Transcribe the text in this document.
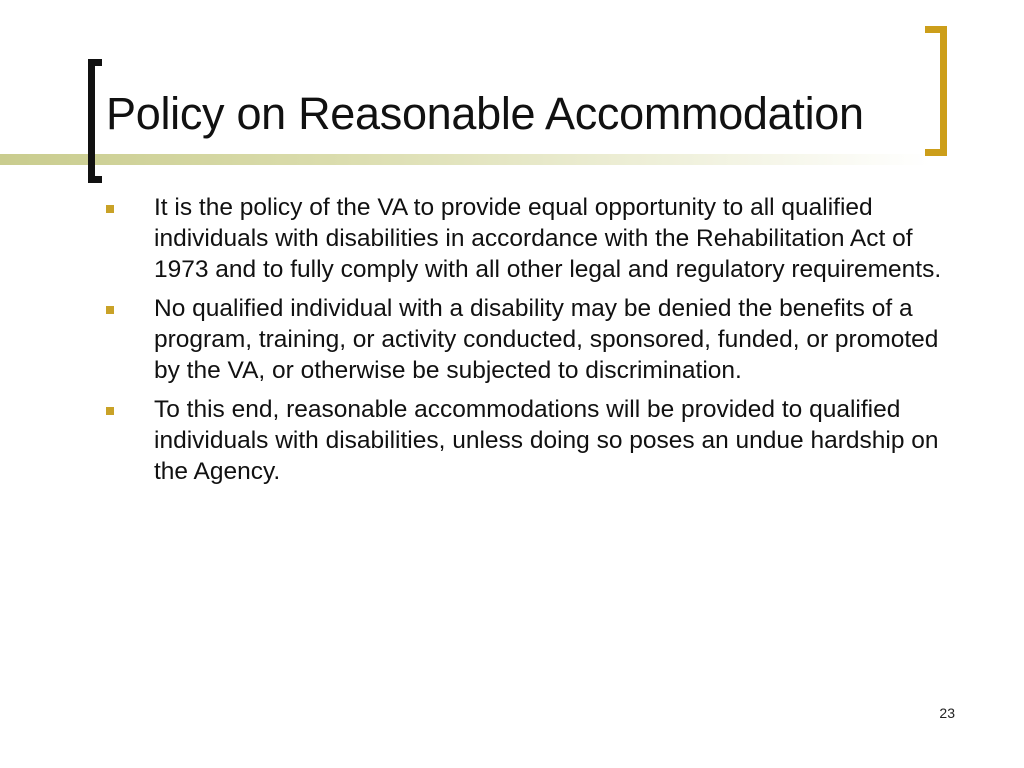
Policy on Reasonable Accommodation
It is the policy of the VA to provide equal opportunity to all qualified individuals with disabilities in accordance with the Rehabilitation Act of 1973 and to fully comply with all other legal and regulatory requirements.
No qualified individual with a disability may be denied the benefits of a program, training, or activity conducted, sponsored, funded, or promoted by the VA, or otherwise be subjected to discrimination.
To this end, reasonable accommodations will be provided to qualified individuals with disabilities, unless doing so poses an undue hardship on the Agency.
23
